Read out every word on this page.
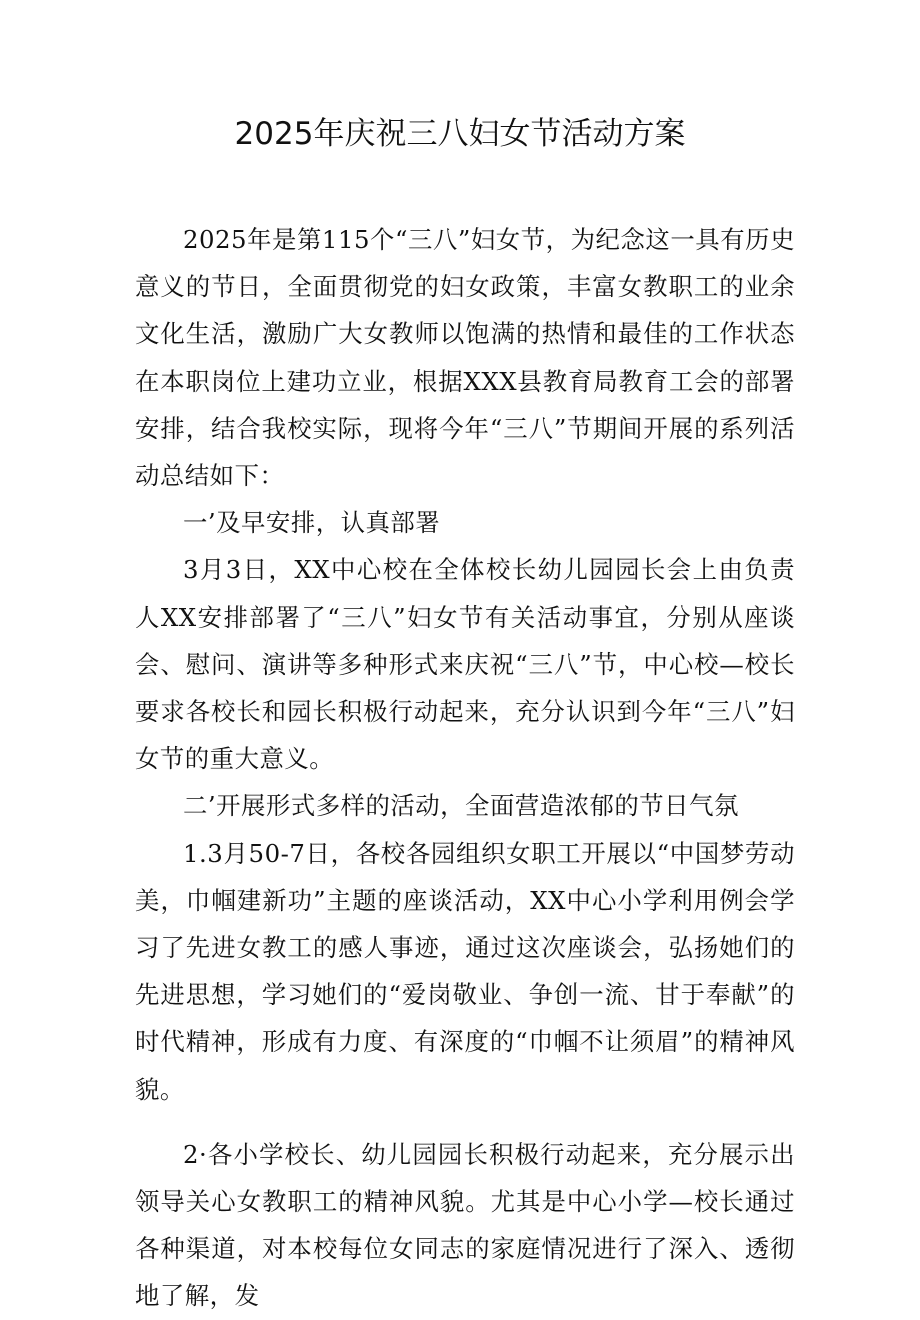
2025年庆祝三八妇女节活动方案

2025年是第115个“三八”妇女节，为纪念这一具有历史意义的节日，全面贯彻党的妇女政策，丰富女教职工的业余文化生活，激励广大女教师以饱满的热情和最佳的工作状态在本职岗位上建功立业，根据XXX县教育局教育工会的部署安排，结合我校实际，现将今年“三八”节期间开展的系列活动总结如下：

一’及早安排，认真部署

3月3日，XX中心校在全体校长幼儿园园长会上由负责人XX安排部署了“三八”妇女节有关活动事宜，分别从座谈会、慰问、演讲等多种形式来庆祝“三八”节，中心校—校长要求各校长和园长积极行动起来，充分认识到今年“三八”妇女节的重大意义。

二’开展形式多样的活动，全面营造浓郁的节日气氛

1.3月50-7日，各校各园组织女职工开展以“中国梦劳动美，巾帼建新功”主题的座谈活动，XX中心小学利用例会学习了先进女教工的感人事迹，通过这次座谈会，弘扬她们的先进思想，学习她们的“爱岗敬业、争创一流、甘于奉献”的时代精神，形成有力度、有深度的“巾帼不让须眉”的精神风貌。

2·各小学校长、幼儿园园长积极行动起来，充分展示出领导关心女教职工的精神风貌。尤其是中心小学—校长通过各种渠道，对本校每位女同志的家庭情况进行了深入、透彻地了解，发
